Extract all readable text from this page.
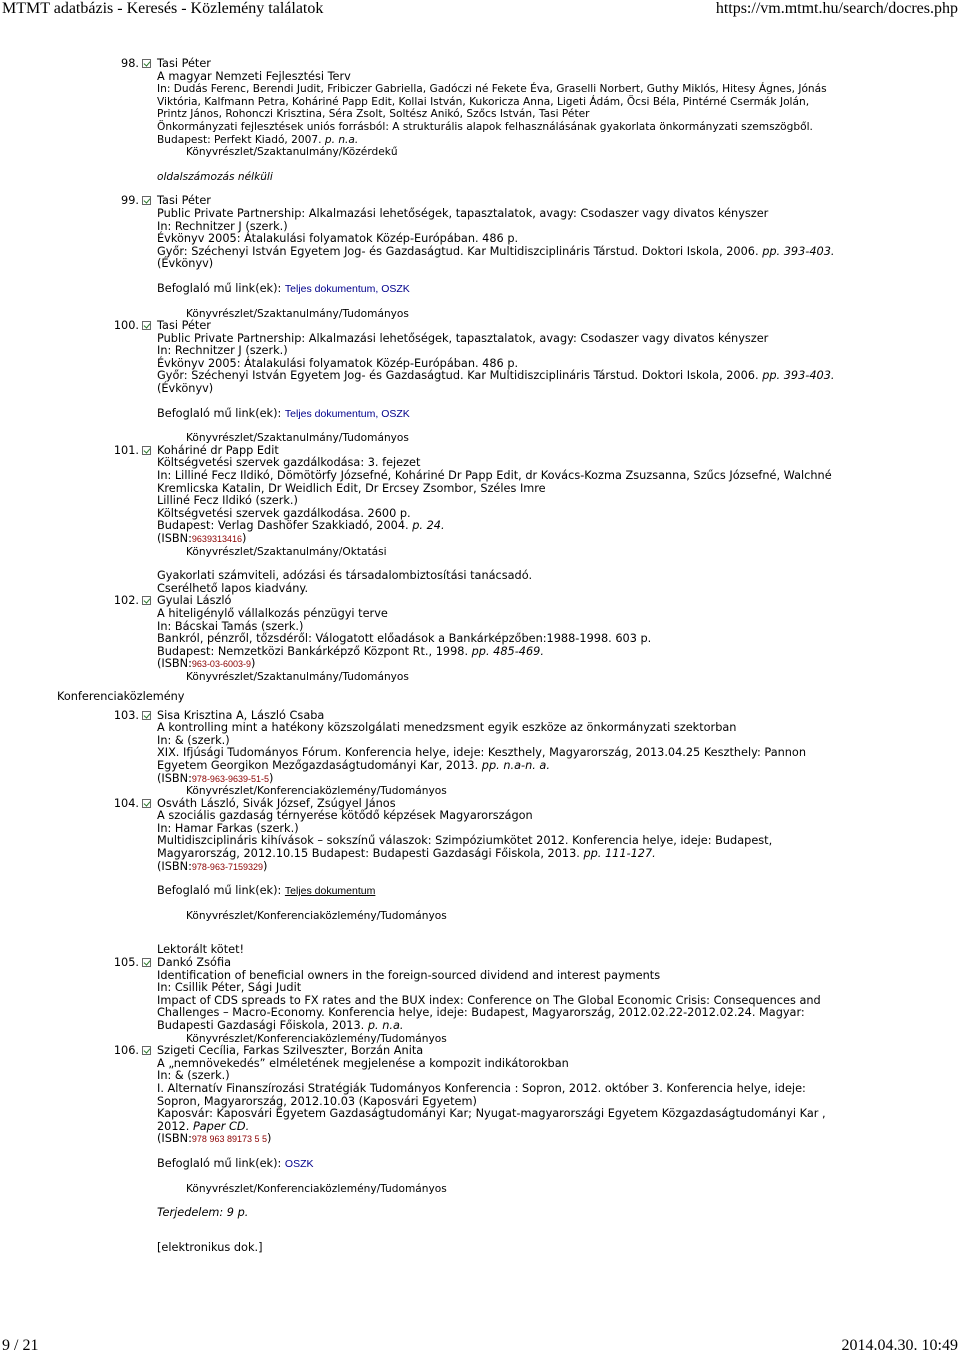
MTMT adatbázis - Keresés - Közlemény találatok	https://vm.mtmt.hu/search/docres.php
98. Tasi Péter
A magyar Nemzeti Fejlesztési Terv
In: Dudás Ferenc, Berendi Judit, Fribiczer Gabriella, Gadóczi né Fekete Éva, Graselli Norbert, Guthy Miklós, Hitesy Ágnes, Jónás Viktória, Kalfmann Petra, Koháriné Papp Edit, Kollai István, Kukoricza Anna, Ligeti Ádám, Öcsi Béla, Pintérné Csermák Jolán, Printz János, Rohonczi Krisztina, Séra Zsolt, Soltész Anikó, Szőcs István, Tasi Péter
Önkormányzati fejlesztések uniós forrásból: A strukturális alapok felhasználásának gyakorlata önkormányzati szemszögből.
Budapest: Perfekt Kiadó, 2007. p. n.a.
Könyvrészlet/Szaktanulmány/Közérdekű
oldalszámozás nélküli
99. Tasi Péter
Public Private Partnership: Alkalmazási lehetőségek, tapasztalatok, avagy: Csodaszer vagy divatos kényszer
In: Rechnitzer J (szerk.)
Évkönyv 2005: Átalakulási folyamatok Közép-Európában. 486 p.
Győr: Széchenyi István Egyetem Jog- és Gazdaságtud. Kar Multidiszciplináris Társtud. Doktori Iskola, 2006. pp. 393-403.
(Évkönyv)
Befoglaló mű link(ek): Teljes dokumentum, OSZK
Könyvrészlet/Szaktanulmány/Tudományos
100. Tasi Péter
Public Private Partnership: Alkalmazási lehetőségek, tapasztalatok, avagy: Csodaszer vagy divatos kényszer
In: Rechnitzer J (szerk.)
Évkönyv 2005: Átalakulási folyamatok Közép-Európában. 486 p.
Győr: Széchenyi István Egyetem Jog- és Gazdaságtud. Kar Multidiszciplináris Társtud. Doktori Iskola, 2006. pp. 393-403.
(Évkönyv)
Befoglaló mű link(ek): Teljes dokumentum, OSZK
Könyvrészlet/Szaktanulmány/Tudományos
101. Koháriné dr Papp Edit
Költségvetési szervek gazdálkodása: 3. fejezet
In: Lilliné Fecz Ildikó, Dömötörfy Józsefné, Koháriné Dr Papp Edit, dr Kovács-Kozma Zsuzsanna, Szűcs Józsefné, Walchné Kremlicska Katalin, Dr Weidlich Edit, Dr Ercsey Zsombor, Széles Imre
Lilliné Fecz Ildikó (szerk.)
Költségvetési szervek gazdálkodása. 2600 p.
Budapest: Verlag Dashöfer Szakkiadó, 2004. p. 24.
(ISBN:9639313416)
Könyvrészlet/Szaktanulmány/Oktatási
Gyakorlati számviteli, adózási és társadalombiztosítási tanácsadó.
Cserélhető lapos kiadvány.
102. Gyulai László
A hiteligénylő vállalkozás pénzügyi terve
In: Bácskai Tamás (szerk.)
Bankról, pénzről, tőzsdéről: Válogatott előadások a Bankárképzőben:1988-1998. 603 p.
Budapest: Nemzetközi Bankárképző Központ Rt., 1998. pp. 485-469.
(ISBN:963-03-6003-9)
Könyvrészlet/Szaktanulmány/Tudományos
Konferenciaközlemény
103. Sisa Krisztina A, László Csaba
A kontrolling mint a hatékony közszolgálati menedzsment egyik eszköze az önkormányzati szektorban
In: & (szerk.)
XIX. Ifjúsági Tudományos Fórum. Konferencia helye, ideje: Keszthely, Magyarország, 2013.04.25 Keszthely: Pannon Egyetem Georgikon Mezőgazdaságtudományi Kar, 2013. pp. n.a-n. a.
(ISBN:978-963-9639-51-5)
Könyvrészlet/Konferenciaközlemény/Tudományos
104. Osváth László, Sivák József, Zsúgyel János
A szociális gazdaság térnyerése kötődő képzések Magyarországon
In: Hamar Farkas (szerk.)
Multidiszciplináris kihívások – sokszínű válaszok: Szimpóziumkötet 2012. Konferencia helye, ideje: Budapest, Magyarország, 2012.10.15 Budapest: Budapesti Gazdasági Főiskola, 2013. pp. 111-127.
(ISBN:978-963-7159329)
Befoglaló mű link(ek): Teljes dokumentum
Könyvrészlet/Konferenciaközlemény/Tudományos
Lektorált kötet!
105. Dankó Zsófia
Identification of beneficial owners in the foreign-sourced dividend and interest payments
In: Csillik Péter, Sági Judit
Impact of CDS spreads to FX rates and the BUX index: Conference on The Global Economic Crisis: Consequences and Challenges – Macro-Economy. Konferencia helye, ideje: Budapest, Magyarország, 2012.02.22-2012.02.24. Magyar: Budapesti Gazdasági Főiskola, 2013. p. n.a.
Könyvrészlet/Konferenciaközlemény/Tudományos
106. Szigeti Cecília, Farkas Szilveszter, Borzán Anita
A „nemnövekedés” elméletének megjelenése a kompozit indikátorokban
In: & (szerk.)
I. Alternatív Finanszírozási Stratégiák Tudományos Konferencia : Sopron, 2012. október 3. Konferencia helye, ideje: Sopron, Magyarország, 2012.10.03 (Kaposvári Egyetem)
Kaposvár: Kaposvári Egyetem Gazdaságtudományi Kar; Nyugat-magyarországi Egyetem Közgazdaságtudományi Kar , 2012. Paper CD.
(ISBN:978 963 89173 5 5)
Befoglaló mű link(ek): OSZK
Könyvrészlet/Konferenciaközlemény/Tudományos
Terjedelem: 9 p.
[elektronikus dok.]
9 / 21	2014.04.30. 10:49
